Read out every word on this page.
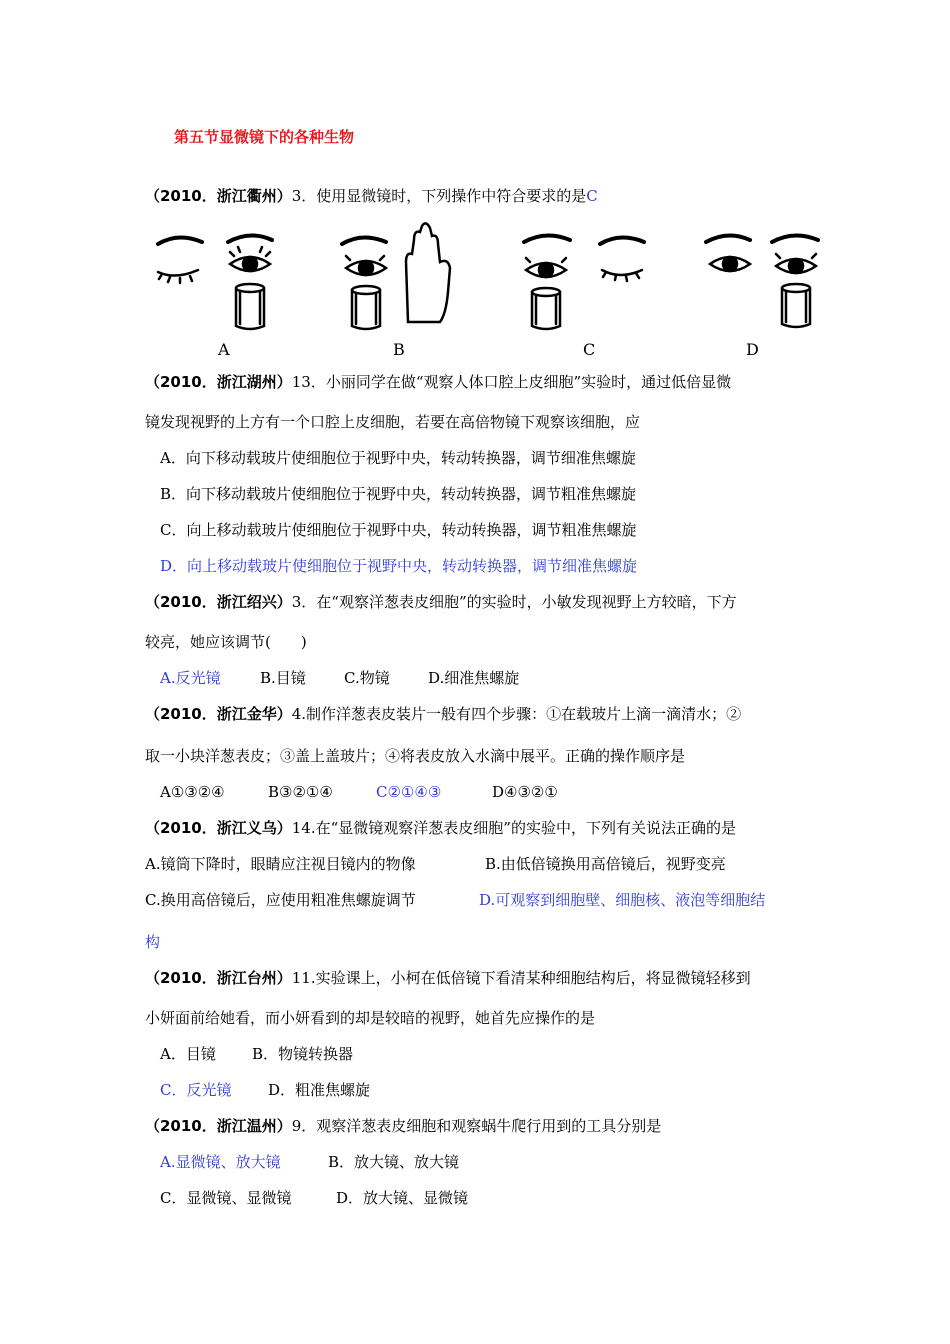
第五节显微镜下的各种生物
（2010．浙江衢州）3．使用显微镜时，下列操作中符合要求的是C
A	B	C	D
（2010．浙江湖州）13．小丽同学在做“观察人体口腔上皮细胞”实验时，通过低倍显微
镜发现视野的上方有一个口腔上皮细胞，若要在高倍物镜下观察该细胞，应
A．向下移动载玻片使细胞位于视野中央，转动转换器，调节细准焦螺旋
B．向下移动载玻片使细胞位于视野中央，转动转换器，调节粗准焦螺旋
C．向上移动载玻片使细胞位于视野中央，转动转换器，调节粗准焦螺旋
D．向上移动载玻片使细胞位于视野中央，转动转换器，调节细准焦螺旋
（2010．浙江绍兴）3．在“观察洋葱表皮细胞”的实验时，小敏发现视野上方较暗，下方
较亮，她应该调节(　　)
A.反光镜	B.目镜	C.物镜	D.细准焦螺旋
（2010．浙江金华）4.制作洋葱表皮装片一般有四个步骤：①在载玻片上滴一滴清水；②
取一小块洋葱表皮；③盖上盖玻片；④将表皮放入水滴中展平。正确的操作顺序是
A①③②④	B③②①④	C②①④③	D④③②①
（2010．浙江义乌）14.在“显微镜观察洋葱表皮细胞”的实验中，下列有关说法正确的是
A.镜筒下降时，眼睛应注视目镜内的物像	B.由低倍镜换用高倍镜后，视野变亮
C.换用高倍镜后，应使用粗准焦螺旋调节	D.可观察到细胞壁、细胞核、液泡等细胞结
构
（2010．浙江台州）11.实验课上，小柯在低倍镜下看清某种细胞结构后，将显微镜轻移到
小妍面前给她看，而小妍看到的却是较暗的视野，她首先应操作的是
A．目镜 B．物镜转换器
C．反光镜 D．粗准焦螺旋
（2010．浙江温州）9．观察洋葱表皮细胞和观察蜗牛爬行用到的工具分别是
A.显微镜、放大镜	B．放大镜、放大镜
C．显微镜、显微镜	D．放大镜、显微镜
